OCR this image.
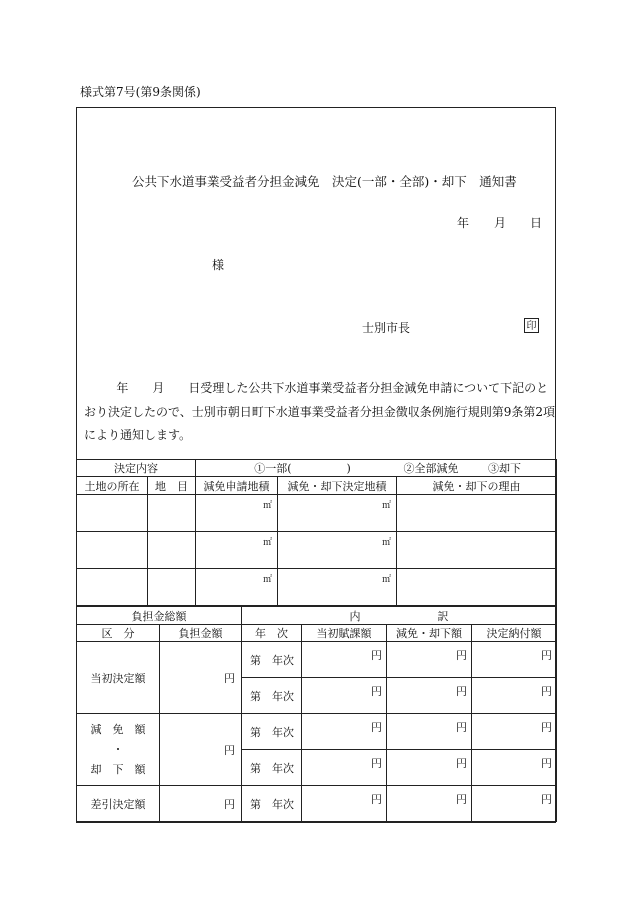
様式第7号(第9条関係)
公共下水道事業受益者分担金減免　決定(一部・全部)・却下　通知書
年 月 日
様
士別市長	印
年　　月　　日受理した公共下水道事業受益者分担金減免申請について下記のとおり決定したので、士別市朝日町下水道事業受益者分担金徴収条例施行規則第9条第2項により通知します。
決定内容		①一部(　　　　　) ②全部減免 ③却下		
土地の所在	地　目	減免申請地積	減免・却下決定地積	減免・却下の理由
		㎡	㎡	
		㎡	㎡	
		㎡	㎡	
負担金総額		内　　　　　　　訳			
区　分	負担金額	年　次	当初賦課額	減免・却下額	決定納付額
当初決定額	円	第　年次	円	円	円
		第　年次	円	円	円

減　免　額
・
却　下　額	円	第　年次	円	円	円
		第　年次	円	円	円
差引決定額	円	第　年次	円	円	円
